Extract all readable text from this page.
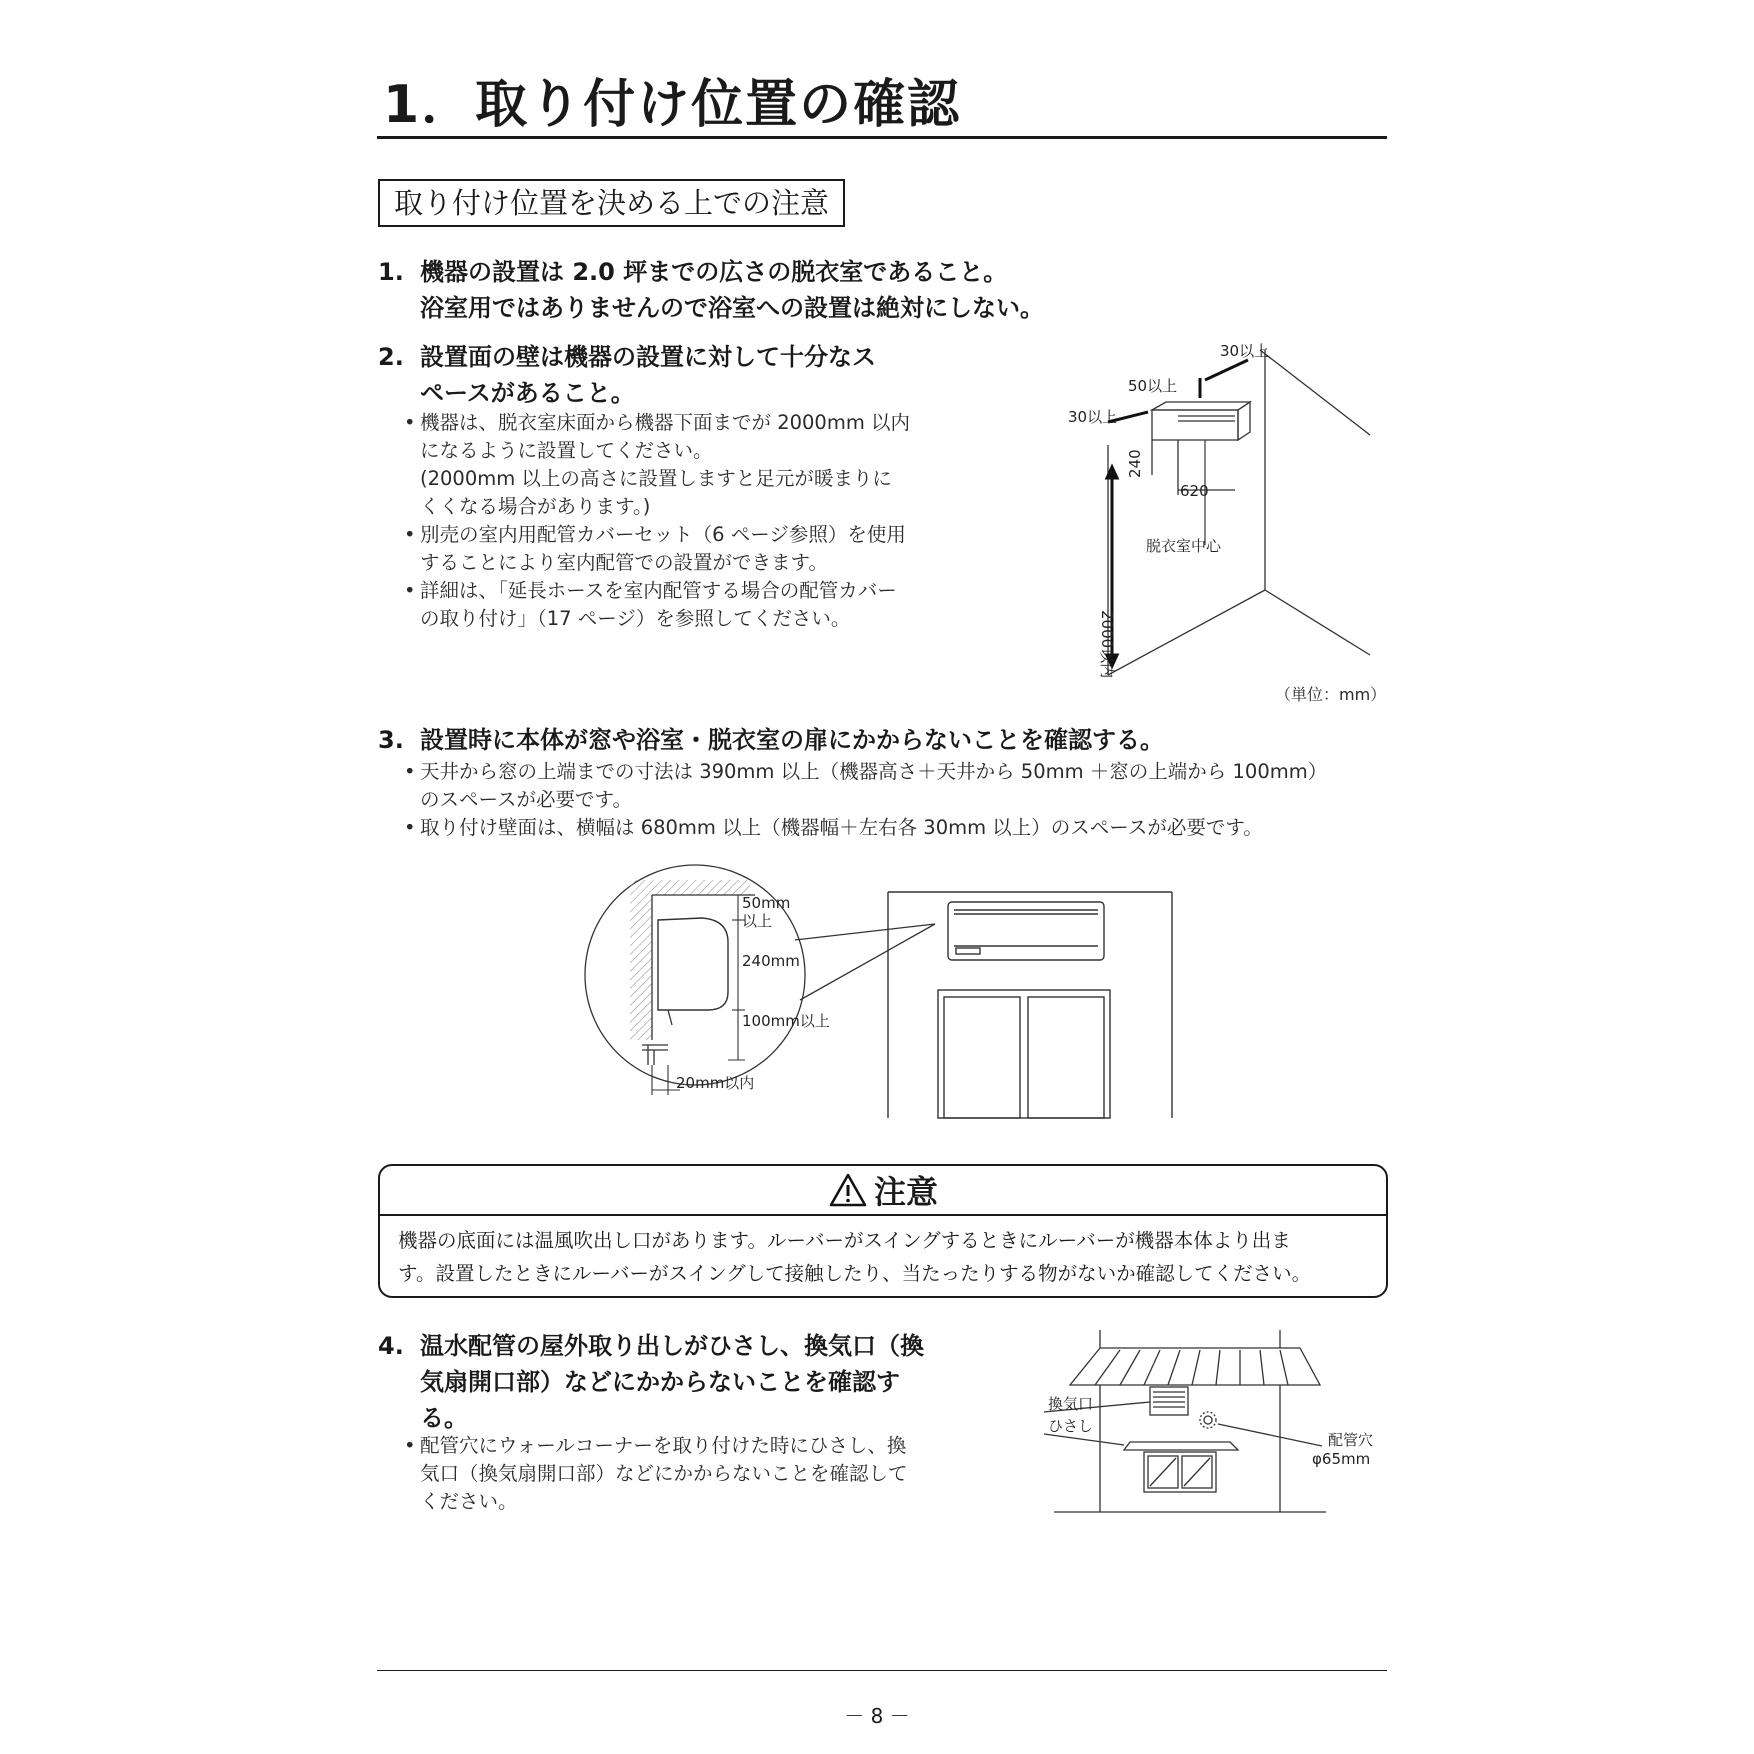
1．取り付け位置の確認
取り付け位置を決める上での注意
1. 機器の設置は 2.0 坪までの広さの脱衣室であること。
浴室用ではありませんので浴室への設置は絶対にしない。
2. 設置面の壁は機器の設置に対して十分なス
ペースがあること。
• 機器は、脱衣室床面から機器下面までが 2000mm 以内
になるように設置してください。
(2000mm 以上の高さに設置しますと足元が暖まりに
くくなる場合があります。)
• 別売の室内用配管カバーセット（6 ページ参照）を使用
することにより室内配管での設置ができます。
• 詳細は、「延長ホースを室内配管する場合の配管カバー
の取り付け」（17 ページ）を参照してください。
30以上
50以上
30以上
240
620
2000以内
脱衣室中心
（単位：mm）
3. 設置時に本体が窓や浴室・脱衣室の扉にかからないことを確認する。
• 天井から窓の上端までの寸法は 390mm 以上（機器高さ＋天井から 50mm ＋窓の上端から 100mm）
のスペースが必要です。
• 取り付け壁面は、横幅は 680mm 以上（機器幅＋左右各 30mm 以上）のスペースが必要です。
50mm
以上
240mm
100mm以上
20mm以内
注意
機器の底面には温風吹出し口があります。ルーバーがスイングするときにルーバーが機器本体より出ま
す。設置したときにルーバーがスイングして接触したり、当たったりする物がないか確認してください。
4. 温水配管の屋外取り出しがひさし、換気口（換
気扇開口部）などにかからないことを確認す
る。
• 配管穴にウォールコーナーを取り付けた時にひさし、換
気口（換気扇開口部）などにかからないことを確認して
ください。
換気口
ひさし
配管穴
φ65mm
－ 8 －
